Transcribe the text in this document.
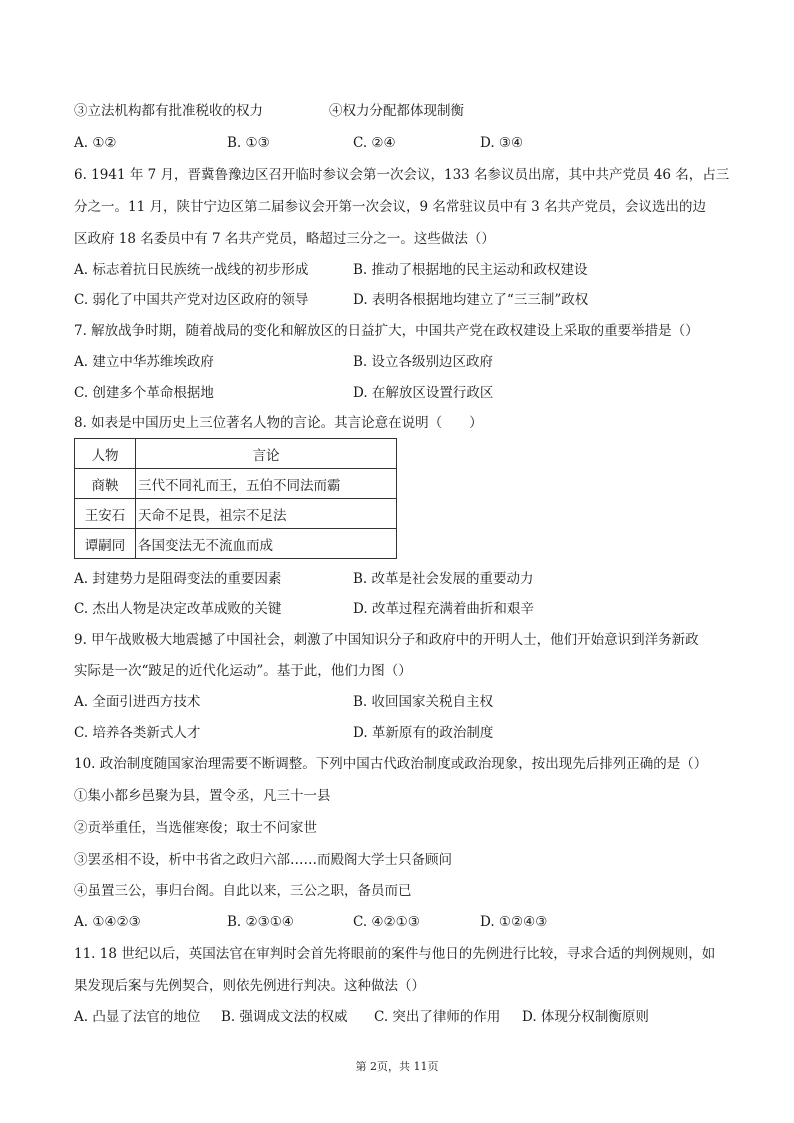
③立法机构都有批准税收的权力	④权力分配都体现制衡
A. ①②	B. ①③	C. ②④	D. ③④
6. 1941 年 7 月，晋冀鲁豫边区召开临时参议会第一次会议，133 名参议员出席，其中共产党员 46 名，占三
分之一。11 月，陕甘宁边区第二届参议会开第一次会议，9 名常驻议员中有 3 名共产党员，会议选出的边
区政府 18 名委员中有 7 名共产党员，略超过三分之一。这些做法（）
A. 标志着抗日民族统一战线的初步形成	B. 推动了根据地的民主运动和政权建设
C. 弱化了中国共产党对边区政府的领导	D. 表明各根据地均建立了“三三制”政权
7. 解放战争时期，随着战局的变化和解放区的日益扩大，中国共产党在政权建设上采取的重要举措是（）
A. 建立中华苏维埃政府	B. 设立各级别边区政府
C. 创建多个革命根据地	D. 在解放区设置行政区
8. 如表是中国历史上三位著名人物的言论。其言论意在说明（　　）
人物	言论
商鞅	三代不同礼而王，五伯不同法而霸
王安石	天命不足畏，祖宗不足法
谭嗣同	各国变法无不流血而成
A. 封建势力是阻碍变法的重要因素	B. 改革是社会发展的重要动力
C. 杰出人物是决定改革成败的关键	D. 改革过程充满着曲折和艰辛
9. 甲午战败极大地震撼了中国社会，刺激了中国知识分子和政府中的开明人士，他们开始意识到洋务新政
实际是一次“跛足的近代化运动”。基于此，他们力图（）
A. 全面引进西方技术	B. 收回国家关税自主权
C. 培养各类新式人才	D. 革新原有的政治制度
10. 政治制度随国家治理需要不断调整。下列中国古代政治制度或政治现象，按出现先后排列正确的是（）
①集小都乡邑聚为县，置令丞，凡三十一县
②贡举重任，当选催寒俊；取士不问家世
③罢丞相不设，析中书省之政归六部……而殿阁大学士只备顾问
④虽置三公，事归台阁。自此以来，三公之职，备员而已
A. ①④②③	B. ②③①④	C. ④②①③	D. ①②④③
11. 18 世纪以后，英国法官在审判时会首先将眼前的案件与他日的先例进行比较，寻求合适的判例规则，如
果发现后案与先例契合，则依先例进行判决。这种做法（）
A. 凸显了法官的地位 B. 强调成文法的权威 C. 突出了律师的作用 D. 体现分权制衡原则
第 2页，共 11页
